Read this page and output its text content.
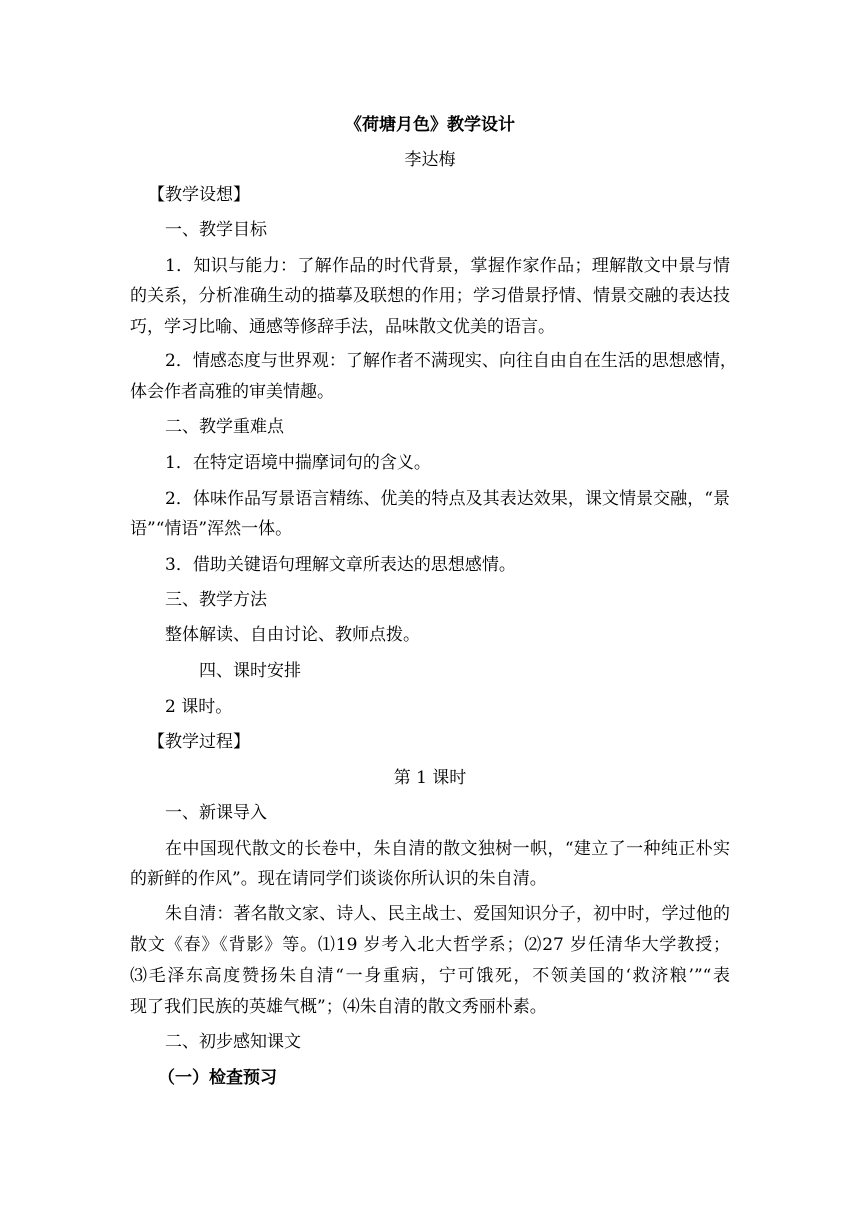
《荷塘月色》教学设计
李达梅
【教学设想】
一、教学目标
1．知识与能力：了解作品的时代背景，掌握作家作品；理解散文中景与情
的关系，分析准确生动的描摹及联想的作用；学习借景抒情、情景交融的表达技
巧，学习比喻、通感等修辞手法，品味散文优美的语言。
2．情感态度与世界观：了解作者不满现实、向往自由自在生活的思想感情，
体会作者高雅的审美情趣。
二、教学重难点
1．在特定语境中揣摩词句的含义。
2．体味作品写景语言精练、优美的特点及其表达效果，课文情景交融，“景
语”“情语”浑然一体。
3．借助关键语句理解文章所表达的思想感情。
三、教学方法
整体解读、自由讨论、教师点拨。
四、课时安排
2 课时。
【教学过程】
第 1 课时
一、新课导入
在中国现代散文的长卷中，朱自清的散文独树一帜，“建立了一种纯正朴实
的新鲜的作风”。现在请同学们谈谈你所认识的朱自清。
朱自清：著名散文家、诗人、民主战士、爱国知识分子，初中时，学过他的
散文《春》《背影》等。⑴19 岁考入北大哲学系；⑵27 岁任清华大学教授；
⑶毛泽东高度赞扬朱自清“一身重病，宁可饿死，不领美国的‘救济粮’”“表
现了我们民族的英雄气概”；⑷朱自清的散文秀丽朴素。
二、初步感知课文
（一）检查预习
